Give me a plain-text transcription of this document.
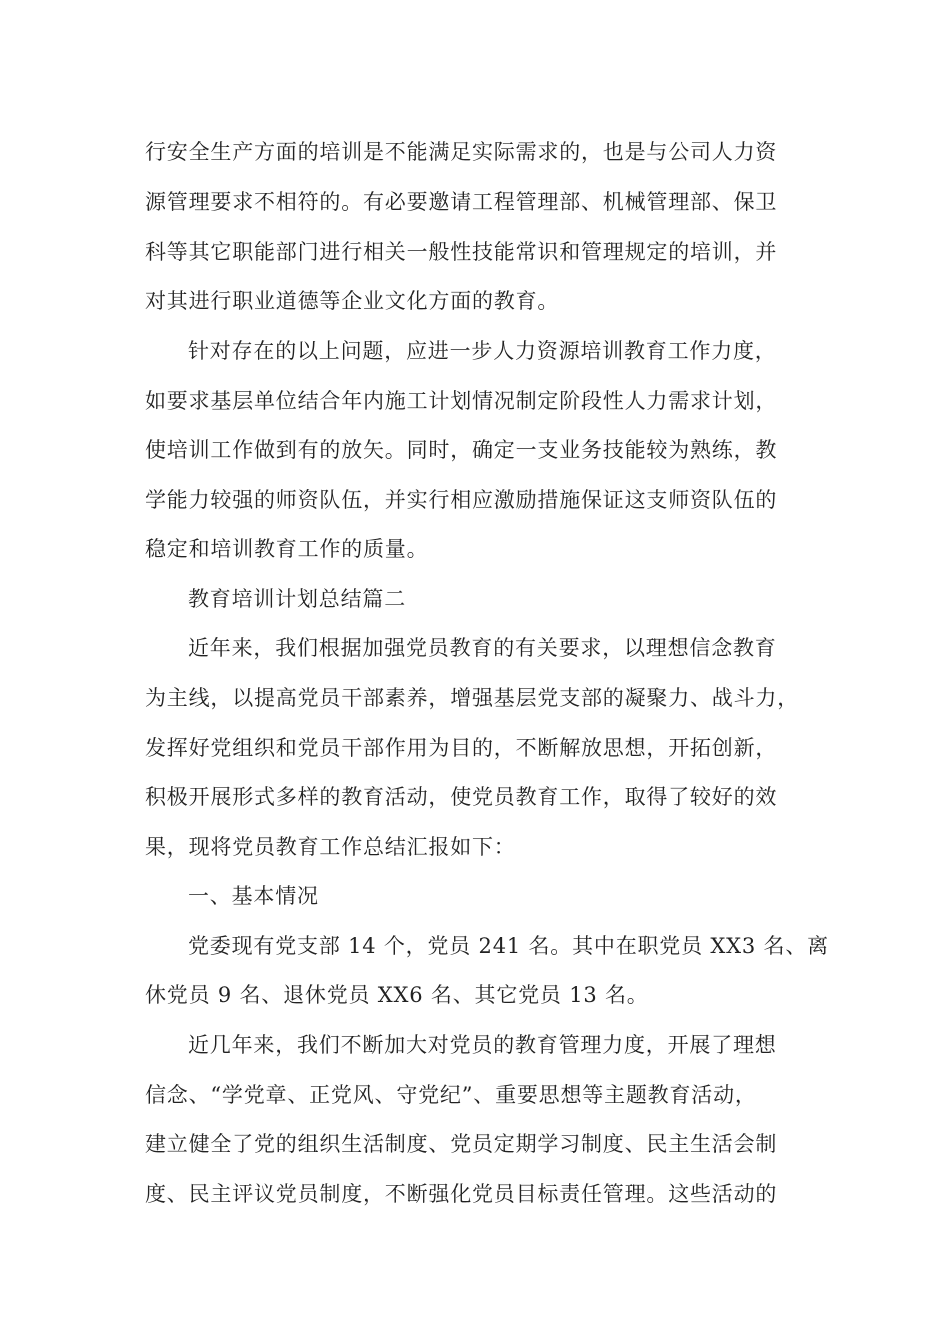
行安全生产方面的培训是不能满足实际需求的，也是与公司人力资
源管理要求不相符的。有必要邀请工程管理部、机械管理部、保卫
科等其它职能部门进行相关一般性技能常识和管理规定的培训，并
对其进行职业道德等企业文化方面的教育。
针对存在的以上问题，应进一步人力资源培训教育工作力度，
如要求基层单位结合年内施工计划情况制定阶段性人力需求计划，
使培训工作做到有的放矢。同时，确定一支业务技能较为熟练，教
学能力较强的师资队伍，并实行相应激励措施保证这支师资队伍的
稳定和培训教育工作的质量。
教育培训计划总结篇二
近年来，我们根据加强党员教育的有关要求，以理想信念教育
为主线，以提高党员干部素养，增强基层党支部的凝聚力、战斗力，
发挥好党组织和党员干部作用为目的，不断解放思想，开拓创新，
积极开展形式多样的教育活动，使党员教育工作，取得了较好的效
果，现将党员教育工作总结汇报如下：
一、基本情况
党委现有党支部 14 个，党员 241 名。其中在职党员 XX3 名、离
休党员 9 名、退休党员 XX6 名、其它党员 13 名。
近几年来，我们不断加大对党员的教育管理力度，开展了理想
信念、“学党章、正党风、守党纪”、重要思想等主题教育活动，
建立健全了党的组织生活制度、党员定期学习制度、民主生活会制
度、民主评议党员制度，不断强化党员目标责任管理。这些活动的
